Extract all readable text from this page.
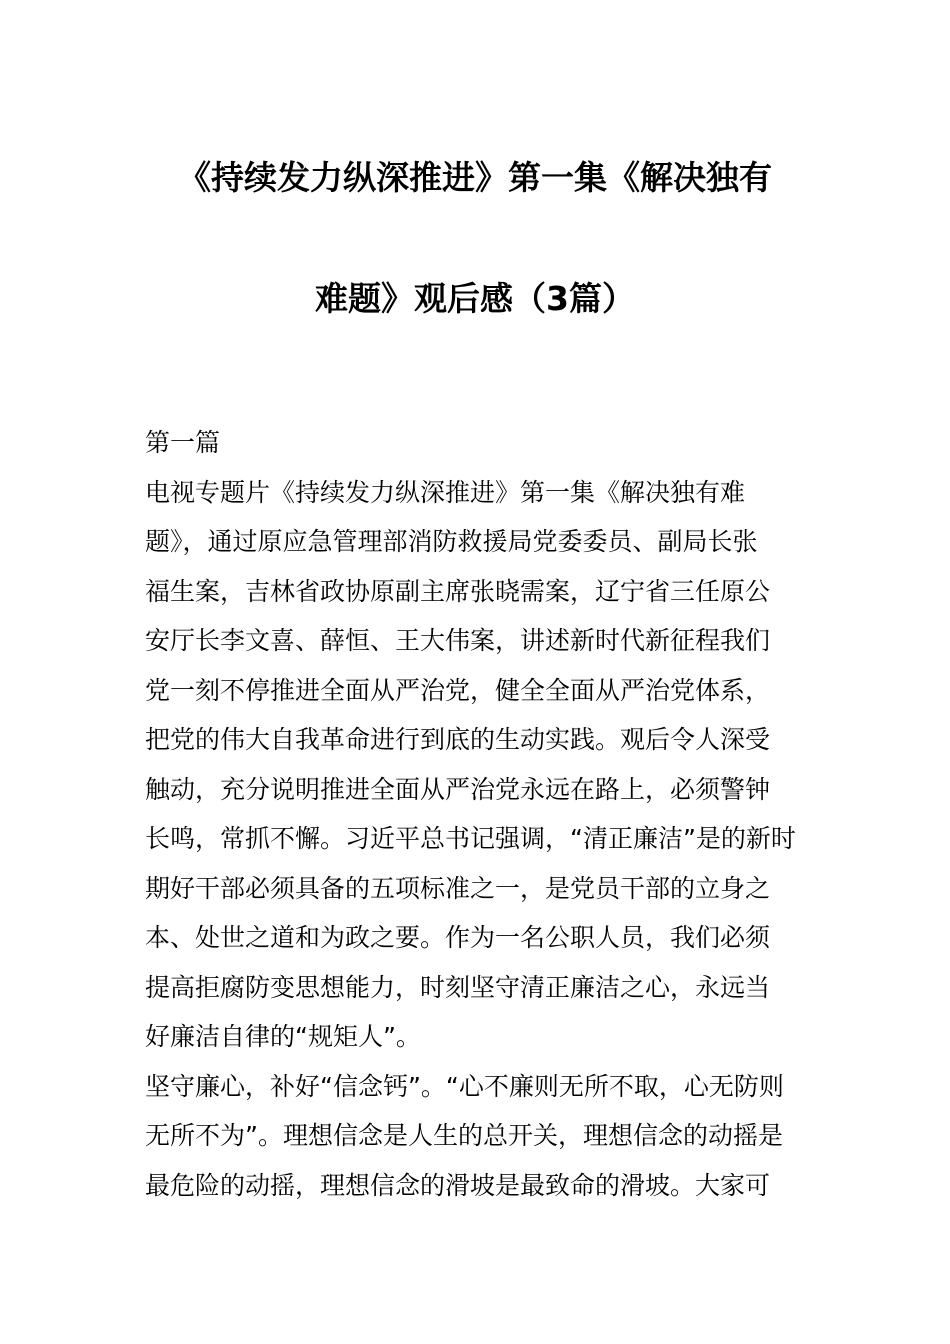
《持续发力纵深推进》第一集《解决独有
难题》观后感（3篇）
第一篇
电视专题片《持续发力纵深推进》第一集《解决独有难
题》，通过原应急管理部消防救援局党委委员、副局长张
福生案，吉林省政协原副主席张晓需案，辽宁省三任原公
安厅长李文喜、薛恒、王大伟案，讲述新时代新征程我们
党一刻不停推进全面从严治党，健全全面从严治党体系，
把党的伟大自我革命进行到底的生动实践。观后令人深受
触动，充分说明推进全面从严治党永远在路上，必须警钟
长鸣，常抓不懈。习近平总书记强调，“清正廉洁”是的新时
期好干部必须具备的五项标准之一，是党员干部的立身之
本、处世之道和为政之要。作为一名公职人员，我们必须
提高拒腐防变思想能力，时刻坚守清正廉洁之心，永远当
好廉洁自律的“规矩人”。
坚守廉心，补好“信念钙”。“心不廉则无所不取，心无防则
无所不为”。理想信念是人生的总开关，理想信念的动摇是
最危险的动摇，理想信念的滑坡是最致命的滑坡。大家可
